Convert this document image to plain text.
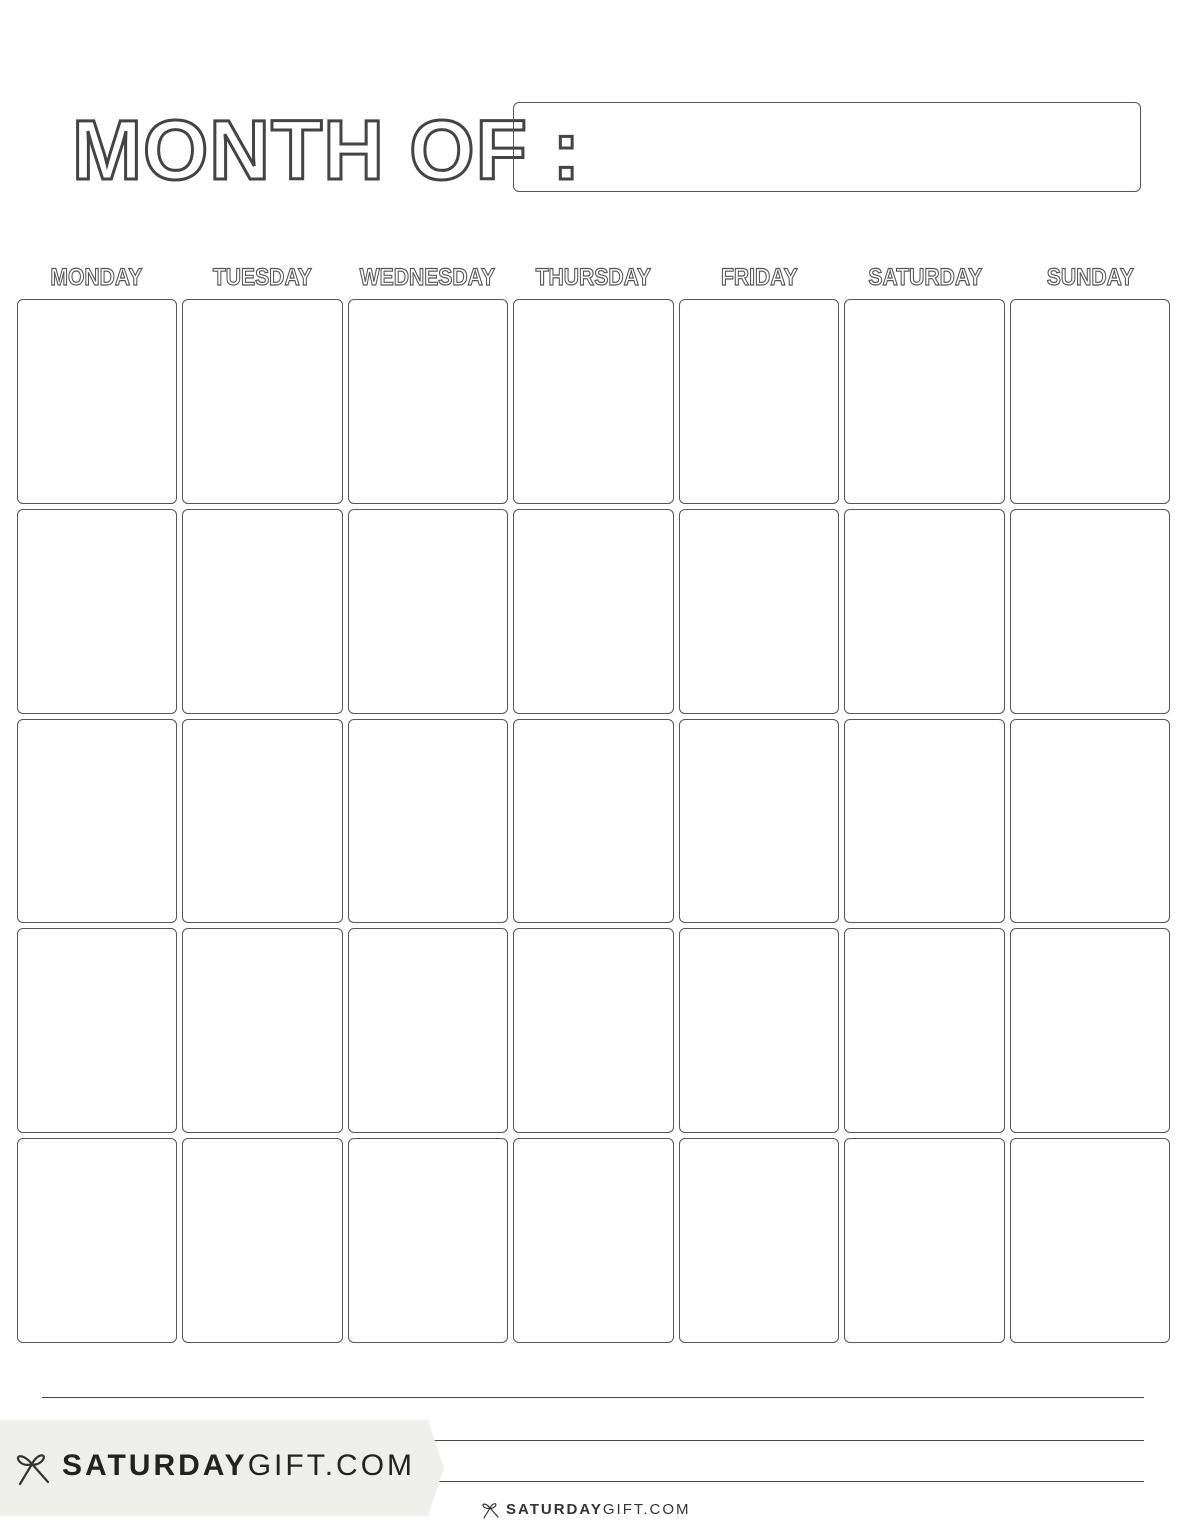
MONTH OF :
MONDAY	TUESDAY	WEDNESDAY	THURSDAY	FRIDAY	SATURDAY	SUNDAY
SATURDAYGIFT.COM
SATURDAYGIFT.COM
